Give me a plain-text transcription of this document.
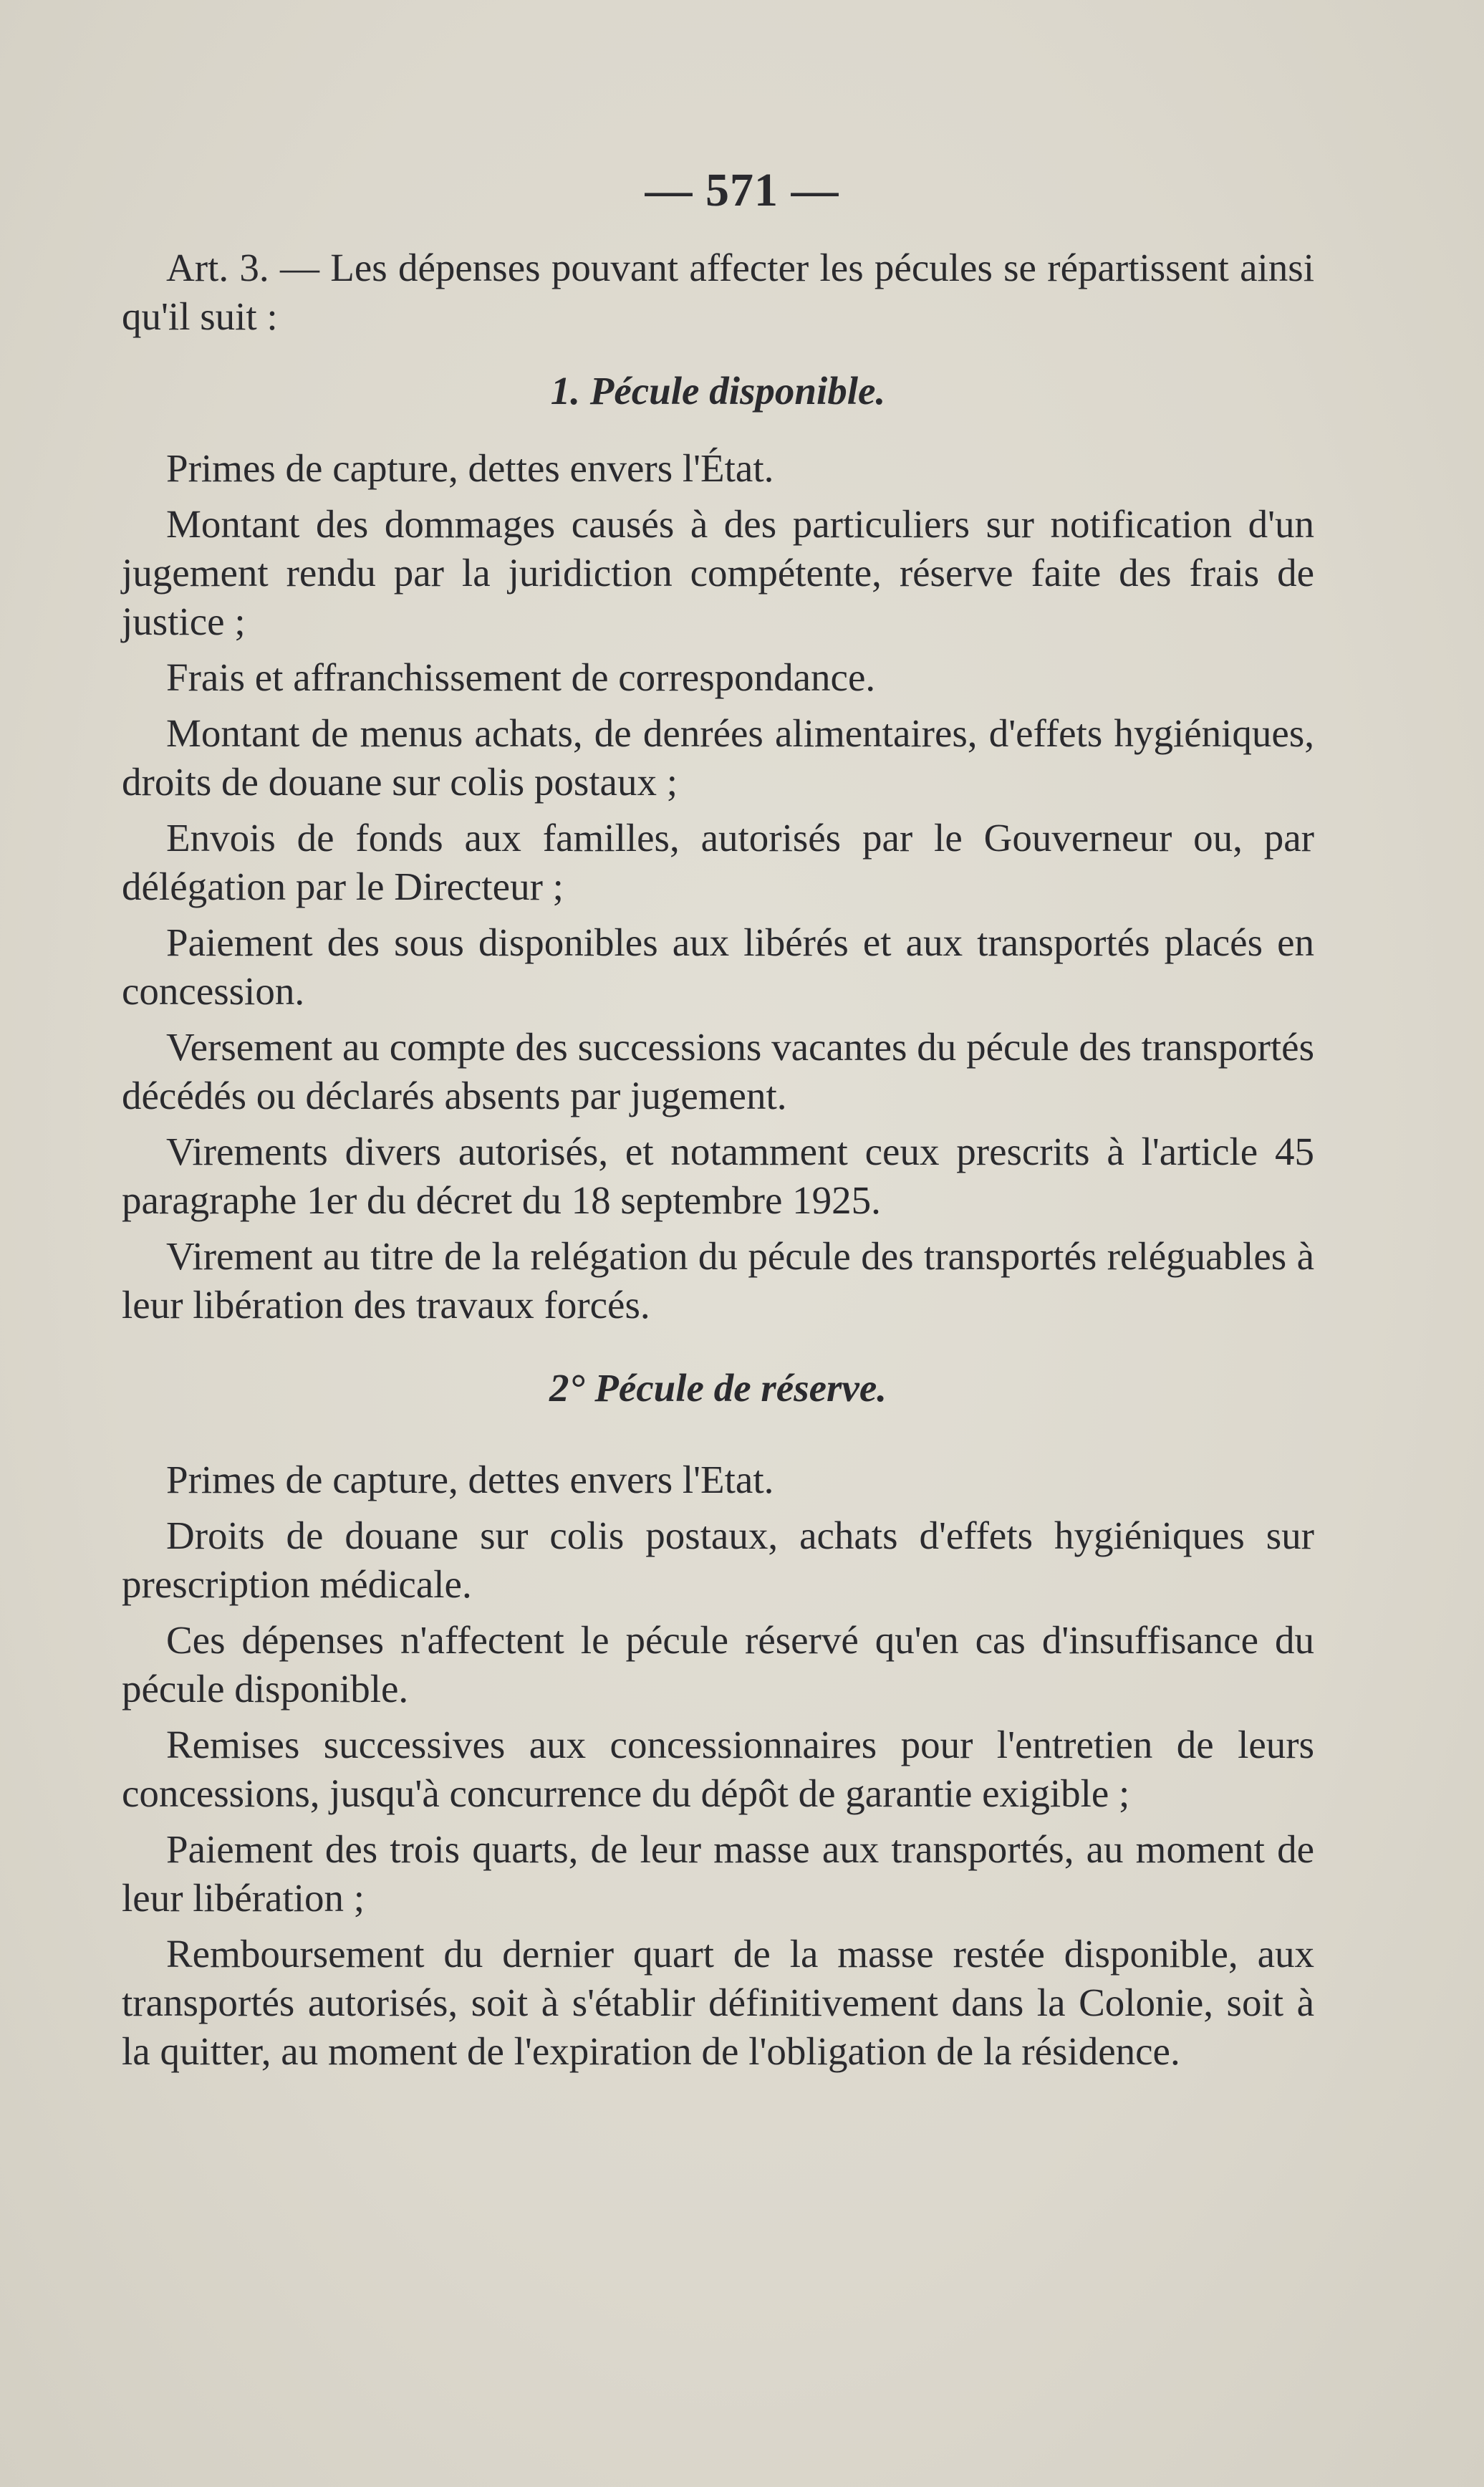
— 571 —

Art. 3. — Les dépenses pouvant affecter les pécules se répartissent ainsi qu'il suit :

1. Pécule disponible.

Primes de capture, dettes envers l'État.

Montant des dommages causés à des particuliers sur notification d'un jugement rendu par la juridiction compétente, réserve faite des frais de justice ;

Frais et affranchissement de correspondance.

Montant de menus achats, de denrées alimentaires, d'effets hygiéniques, droits de douane sur colis postaux ;

Envois de fonds aux familles, autorisés par le Gouverneur ou, par délégation par le Directeur ;

Paiement des sous disponibles aux libérés et aux transportés placés en concession.

Versement au compte des successions vacantes du pécule des transportés décédés ou déclarés absents par jugement.

Virements divers autorisés, et notamment ceux prescrits à l'article 45 paragraphe 1er du décret du 18 septembre 1925.

Virement au titre de la relégation du pécule des transportés reléguables à leur libération des travaux forcés.

2° Pécule de réserve.

Primes de capture, dettes envers l'Etat.

Droits de douane sur colis postaux, achats d'effets hygiéniques sur prescription médicale.

Ces dépenses n'affectent le pécule réservé qu'en cas d'insuffisance du pécule disponible.

Remises successives aux concessionnaires pour l'entretien de leurs concessions, jusqu'à concurrence du dépôt de garantie exigible ;

Paiement des trois quarts, de leur masse aux transportés, au moment de leur libération ;

Remboursement du dernier quart de la masse restée disponible, aux transportés autorisés, soit à s'établir définitivement dans la Colonie, soit à la quitter, au moment de l'expiration de l'obligation de la résidence.
